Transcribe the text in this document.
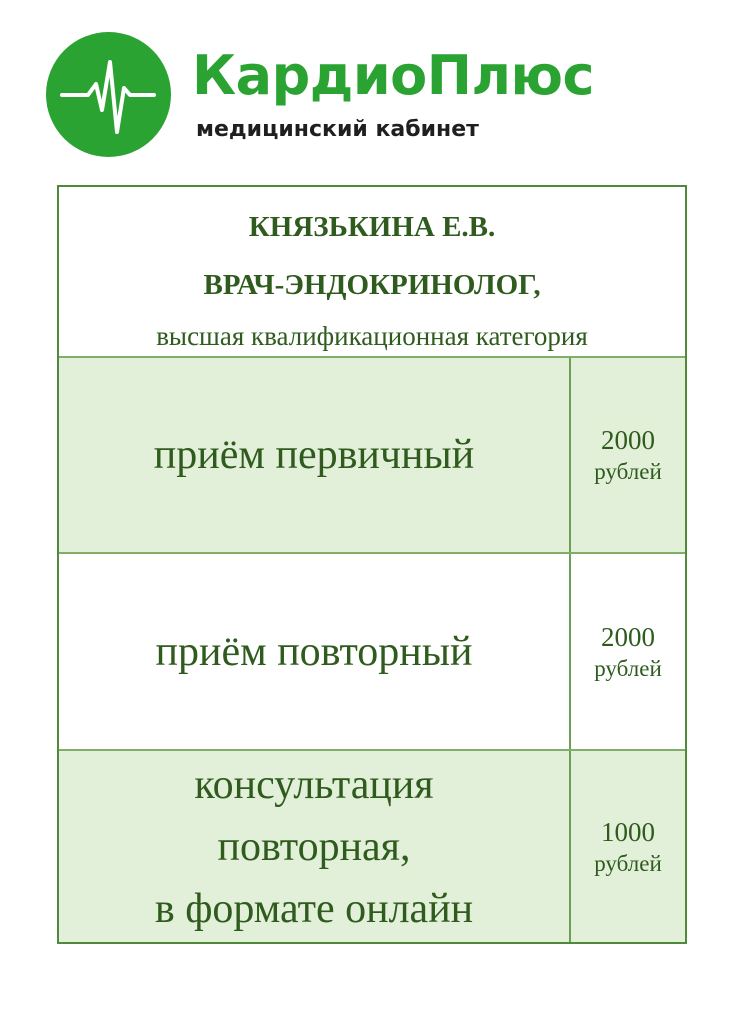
КардиоПлюс
медицинский кабинет
КНЯЗЬКИНА Е.В.
ВРАЧ-ЭНДОКРИНОЛОГ,
высшая квалификационная категория
приём первичный	2000
рублей
приём повторный	2000
рублей
консультация
повторная,
в формате онлайн
1000
рублей
